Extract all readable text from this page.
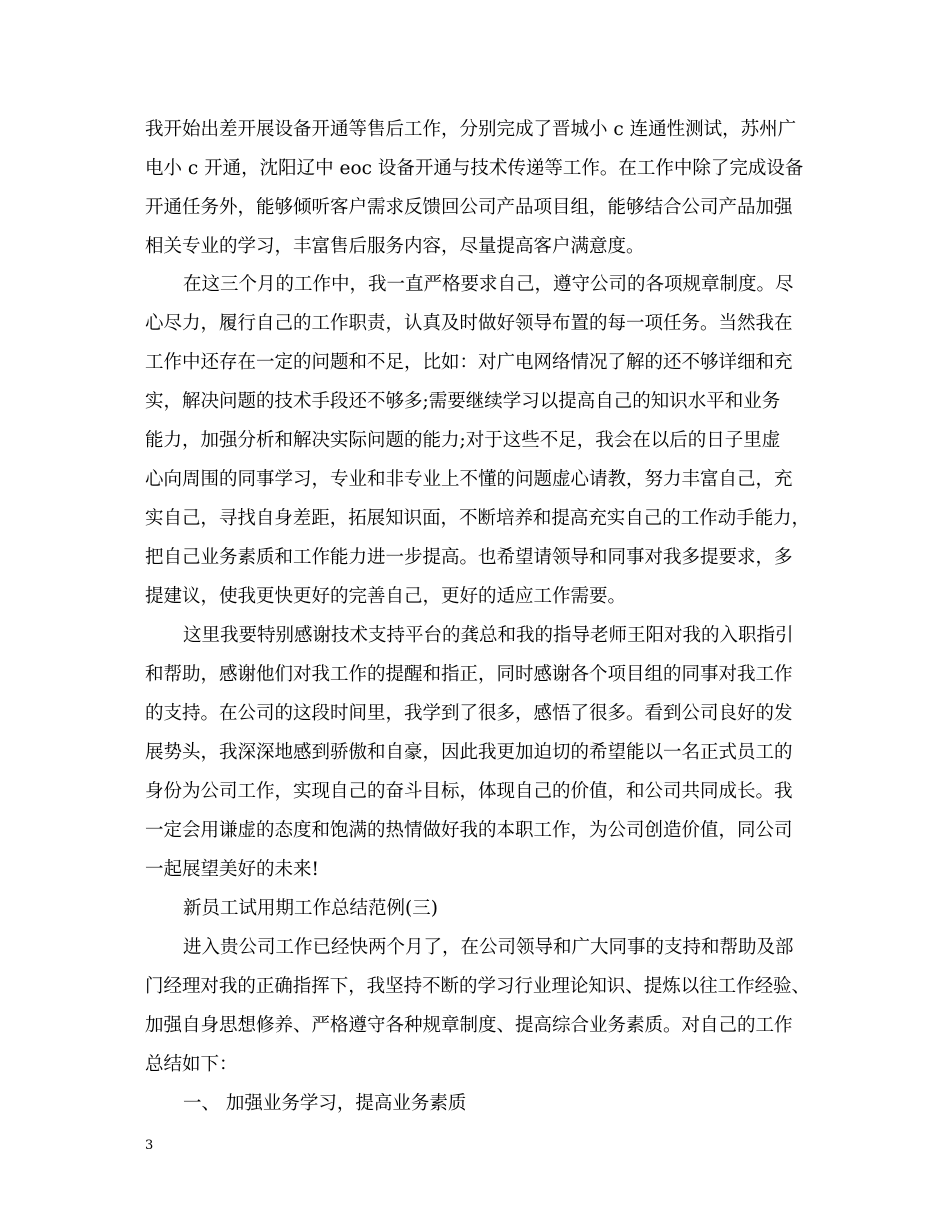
我开始出差开展设备开通等售后工作，分别完成了晋城小 c 连通性测试，苏州广
电小 c 开通，沈阳辽中 eoc 设备开通与技术传递等工作。在工作中除了完成设备
开通任务外，能够倾听客户需求反馈回公司产品项目组，能够结合公司产品加强
相关专业的学习，丰富售后服务内容，尽量提高客户满意度。
在这三个月的工作中，我一直严格要求自己，遵守公司的各项规章制度。尽
心尽力，履行自己的工作职责，认真及时做好领导布置的每一项任务。当然我在
工作中还存在一定的问题和不足，比如：对广电网络情况了解的还不够详细和充
实，解决问题的技术手段还不够多;需要继续学习以提高自己的知识水平和业务
能力，加强分析和解决实际问题的能力;对于这些不足，我会在以后的日子里虚
心向周围的同事学习，专业和非专业上不懂的问题虚心请教，努力丰富自己，充
实自己，寻找自身差距，拓展知识面，不断培养和提高充实自己的工作动手能力，
把自己业务素质和工作能力进一步提高。也希望请领导和同事对我多提要求，多
提建议，使我更快更好的完善自己，更好的适应工作需要。
这里我要特别感谢技术支持平台的龚总和我的指导老师王阳对我的入职指引
和帮助，感谢他们对我工作的提醒和指正，同时感谢各个项目组的同事对我工作
的支持。在公司的这段时间里，我学到了很多，感悟了很多。看到公司良好的发
展势头，我深深地感到骄傲和自豪，因此我更加迫切的希望能以一名正式员工的
身份为公司工作，实现自己的奋斗目标，体现自己的价值，和公司共同成长。我
一定会用谦虚的态度和饱满的热情做好我的本职工作，为公司创造价值，同公司
一起展望美好的未来!
新员工试用期工作总结范例(三)
进入贵公司工作已经快两个月了，在公司领导和广大同事的支持和帮助及部
门经理对我的正确指挥下，我坚持不断的学习行业理论知识、提炼以往工作经验、
加强自身思想修养、严格遵守各种规章制度、提高综合业务素质。对自己的工作
总结如下：
一、 加强业务学习，提高业务素质
3
